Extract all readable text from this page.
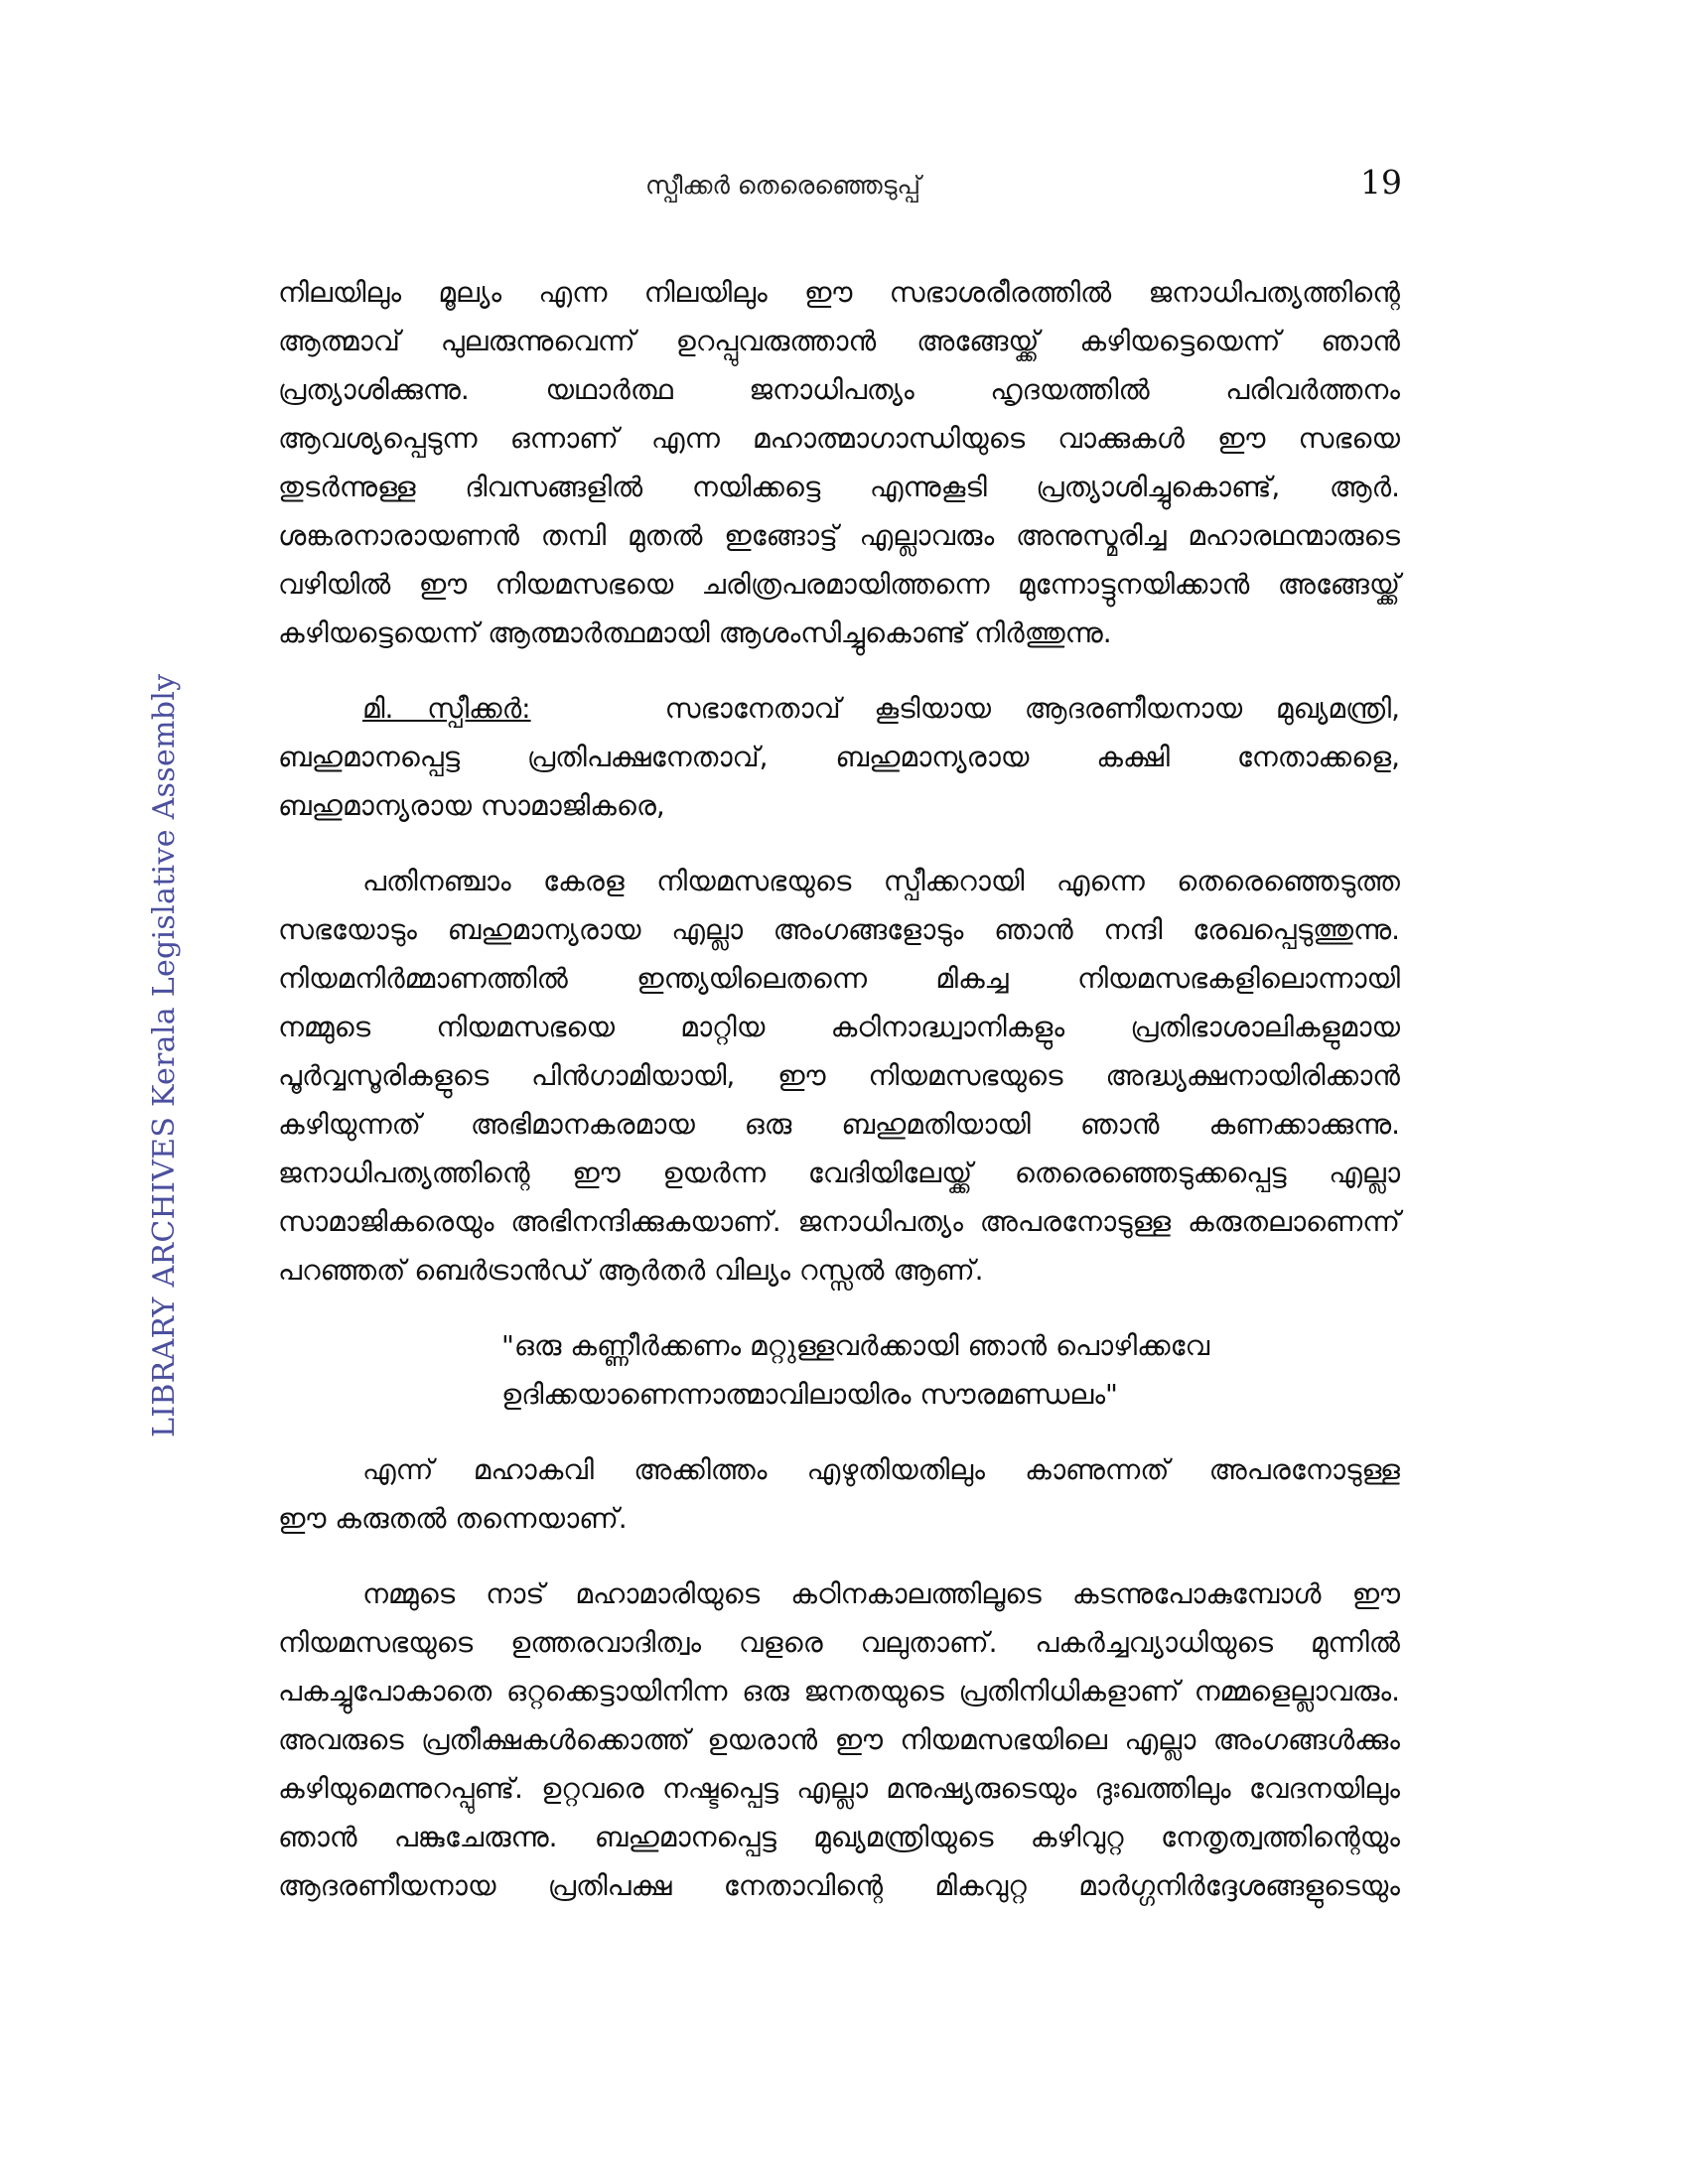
സ്പീക്കർ തെരെഞ്ഞെടുപ്പ്	19
LIBRARY ARCHIVES Kerala Legislative Assembly

നിലയിലും മൂല്യം എന്ന നിലയിലും ഈ സഭാശരീരത്തിൽ ജനാധിപത്യത്തിന്റെ
ആത്മാവ് പുലരുന്നുവെന്ന് ഉറപ്പുവരുത്താൻ അങ്ങേയ്ക്ക് കഴിയട്ടെയെന്ന് ഞാൻ
പ്രത്യാശിക്കുന്നു. യഥാർത്ഥ ജനാധിപത്യം ഹൃദയത്തിൽ പരിവർത്തനം
ആവശ്യപ്പെടുന്ന ഒന്നാണ് എന്ന മഹാത്മാഗാന്ധിയുടെ വാക്കുകൾ ഈ സഭയെ
തുടർന്നുള്ള ദിവസങ്ങളിൽ നയിക്കട്ടെ എന്നുകൂടി പ്രത്യാശിച്ചുകൊണ്ട്, ആർ.
ശങ്കരനാരായണൻ തമ്പി മുതൽ ഇങ്ങോട്ട് എല്ലാവരും അനുസ്മരിച്ച മഹാരഥന്മാരുടെ
വഴിയിൽ ഈ നിയമസഭയെ ചരിത്രപരമായിത്തന്നെ മുന്നോട്ടുനയിക്കാൻ അങ്ങേയ്ക്ക്
കഴിയട്ടെയെന്ന് ആത്മാർത്ഥമായി ആശംസിച്ചുകൊണ്ട് നിർത്തുന്നു.

മി. സ്പീക്കർ:	സഭാനേതാവ് കൂടിയായ ആദരണീയനായ മുഖ്യമന്ത്രി,
ബഹുമാനപ്പെട്ട പ്രതിപക്ഷനേതാവ്, ബഹുമാന്യരായ കക്ഷി നേതാക്കളെ,
ബഹുമാന്യരായ സാമാജികരെ,

പതിനഞ്ചാം കേരള നിയമസഭയുടെ സ്പീക്കറായി എന്നെ തെരെഞ്ഞെടുത്ത
സഭയോടും ബഹുമാന്യരായ എല്ലാ അംഗങ്ങളോടും ഞാൻ നന്ദി രേഖപ്പെടുത്തുന്നു.
നിയമനിർമ്മാണത്തിൽ ഇന്ത്യയിലെതന്നെ മികച്ച നിയമസഭകളിലൊന്നായി
നമ്മുടെ നിയമസഭയെ മാറ്റിയ കഠിനാദ്ധ്വാനികളും പ്രതിഭാശാലികളുമായ
പൂർവ്വസൂരികളുടെ പിൻഗാമിയായി, ഈ നിയമസഭയുടെ അദ്ധ്യക്ഷനായിരിക്കാൻ
കഴിയുന്നത് അഭിമാനകരമായ ഒരു ബഹുമതിയായി ഞാൻ കണക്കാക്കുന്നു.
ജനാധിപത്യത്തിന്റെ ഈ ഉയർന്ന വേദിയിലേയ്ക്ക് തെരെഞ്ഞെടുക്കപ്പെട്ട എല്ലാ
സാമാജികരെയും അഭിനന്ദിക്കുകയാണ്. ജനാധിപത്യം അപരനോടുള്ള കരുതലാണെന്ന്
പറഞ്ഞത് ബെർട്രാൻഡ് ആർതർ വില്യം റസ്സൽ ആണ്.

"ഒരു കണ്ണീർക്കണം മറ്റുള്ളവർക്കായി ഞാൻ പൊഴിക്കവേ
ഉദിക്കയാണെന്നാത്മാവിലായിരം സൗരമണ്ഡലം"

എന്ന് മഹാകവി അക്കിത്തം എഴുതിയതിലും കാണുന്നത് അപരനോടുള്ള
ഈ കരുതൽ തന്നെയാണ്.

നമ്മുടെ നാട് മഹാമാരിയുടെ കഠിനകാലത്തിലൂടെ കടന്നുപോകുമ്പോൾ ഈ
നിയമസഭയുടെ ഉത്തരവാദിത്വം വളരെ വലുതാണ്. പകർച്ചവ്യാധിയുടെ മുന്നിൽ
പകച്ചുപോകാതെ ഒറ്റക്കെട്ടായിനിന്ന ഒരു ജനതയുടെ പ്രതിനിധികളാണ് നമ്മളെല്ലാവരും.
അവരുടെ പ്രതീക്ഷകൾക്കൊത്ത് ഉയരാൻ ഈ നിയമസഭയിലെ എല്ലാ അംഗങ്ങൾക്കും
കഴിയുമെന്നുറപ്പുണ്ട്. ഉറ്റവരെ നഷ്ടപ്പെട്ട എല്ലാ മനുഷ്യരുടെയും ദുഃഖത്തിലും വേദനയിലും
ഞാൻ പങ്കുചേരുന്നു. ബഹുമാനപ്പെട്ട മുഖ്യമന്ത്രിയുടെ കഴിവുറ്റ നേതൃത്വത്തിന്റെയും
ആദരണീയനായ പ്രതിപക്ഷ നേതാവിന്റെ മികവുറ്റ മാർഗ്ഗനിർദ്ദേശങ്ങളുടെയും
